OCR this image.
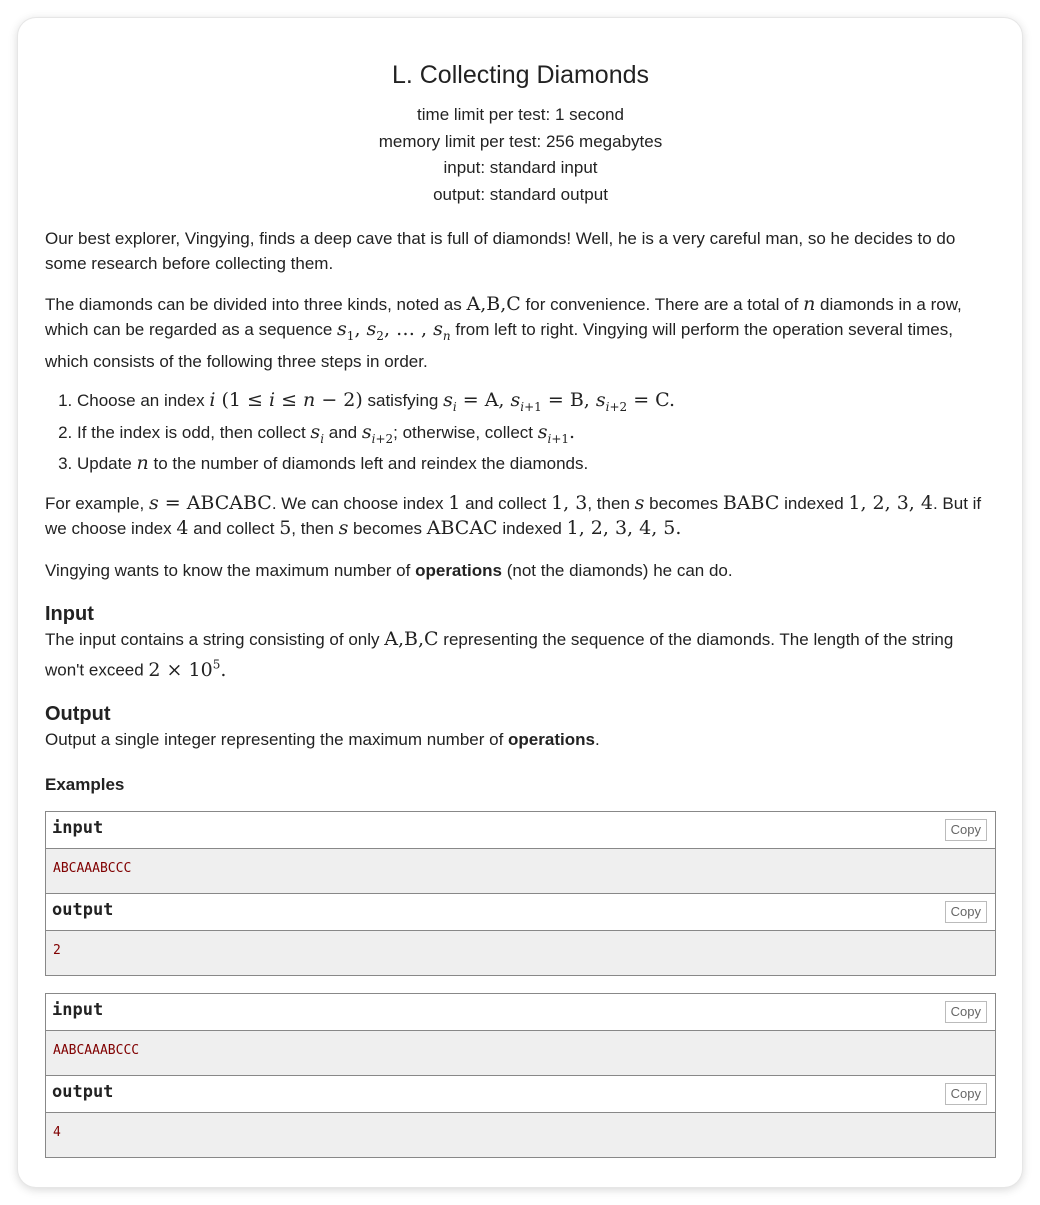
L. Collecting Diamonds
time limit per test: 1 second
memory limit per test: 256 megabytes
input: standard input
output: standard output

Our best explorer, Vingying, finds a deep cave that is full of diamonds! Well, he is a very careful man, so he decides to do some research before collecting them.

The diamonds can be divided into three kinds, noted as A,B,C for convenience. There are a total of n diamonds in a row, which can be regarded as a sequence $s_1$, $s_2$, … , $s_n$ from left to right. Vingying will perform the operation several times, which consists of the following three steps in order.

1. Choose an index i (1 ≤ i ≤ n − 2) satisfying $s_i = A$, $s_{i+1} = B$, $s_{i+2} = C$.
2. If the index is odd, then collect $s_i$ and $s_{i+2}$; otherwise, collect $s_{i+1}$.
3. Update n to the number of diamonds left and reindex the diamonds.

For example, s = ABCABC. We can choose index 1 and collect 1, 3, then s becomes BABC indexed 1, 2, 3, 4. But if we choose index 4 and collect 5, then s becomes ABCAC indexed 1, 2, 3, 4, 5.

Vingying wants to know the maximum number of operations (not the diamonds) he can do.

Input

The input contains a string consisting of only A,B,C representing the sequence of the diamonds. The length of the string won't exceed $2 \times 10^5$.

Output

Output a single integer representing the maximum number of operations.

Examples
input	Copy
ABCAAABCCC
output	Copy
2
input	Copy
AABCAAABCCC
output	Copy
4
